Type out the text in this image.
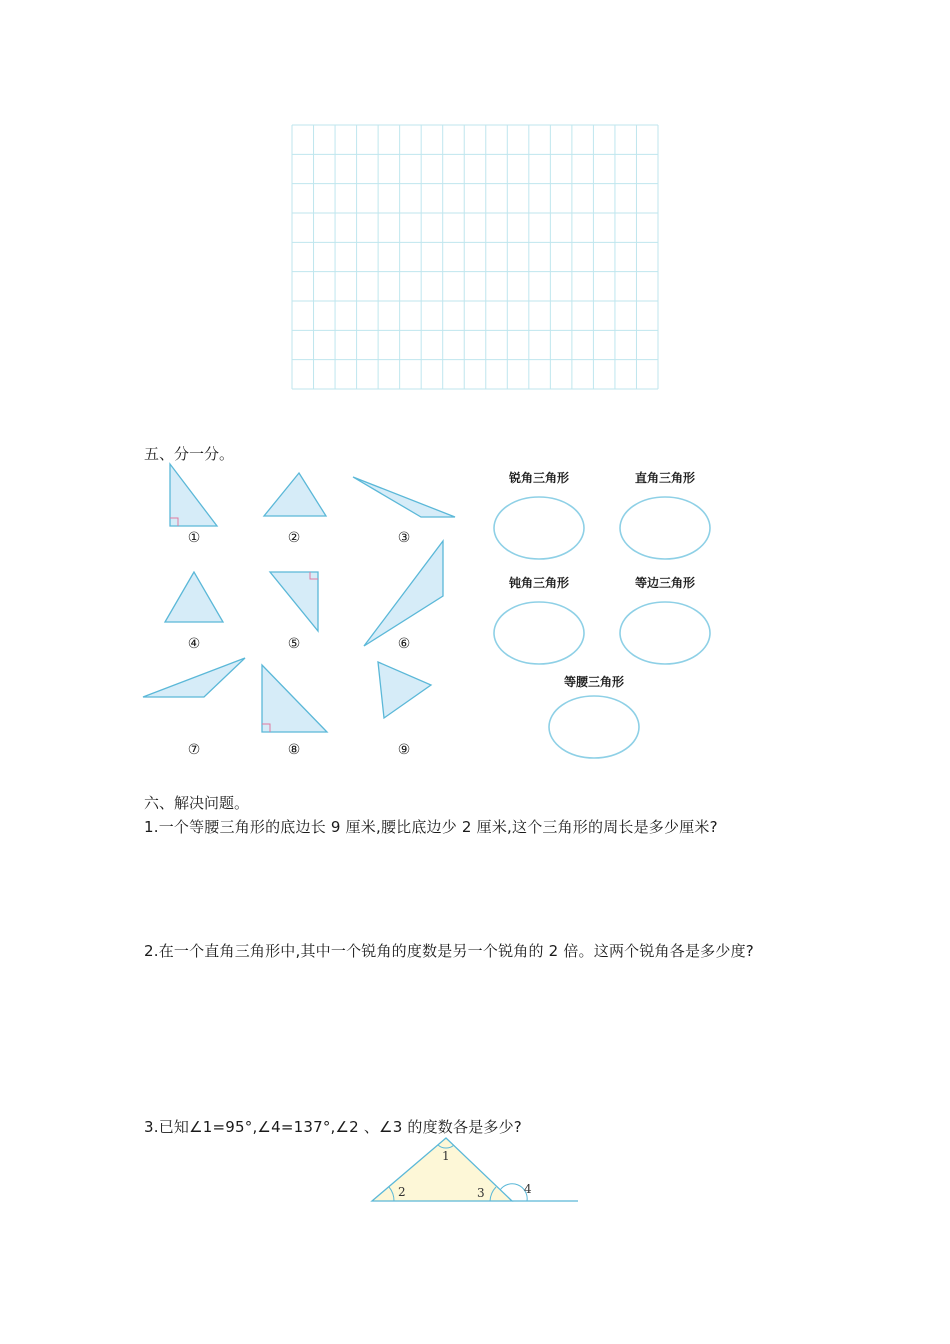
五、分一分。
①	②	③
④	⑤	⑥
⑦	⑧	⑨
锐角三角形	直角三角形
钝角三角形	等边三角形
等腰三角形
六、解决问题。
1.一个等腰三角形的底边长 9 厘米,腰比底边少 2 厘米,这个三角形的周长是多少厘米?
2.在一个直角三角形中,其中一个锐角的度数是另一个锐角的 2 倍。这两个锐角各是多少度?
3.已知∠1=95°,∠4=137°,∠2 、∠3 的度数各是多少?
1
2	3	4
